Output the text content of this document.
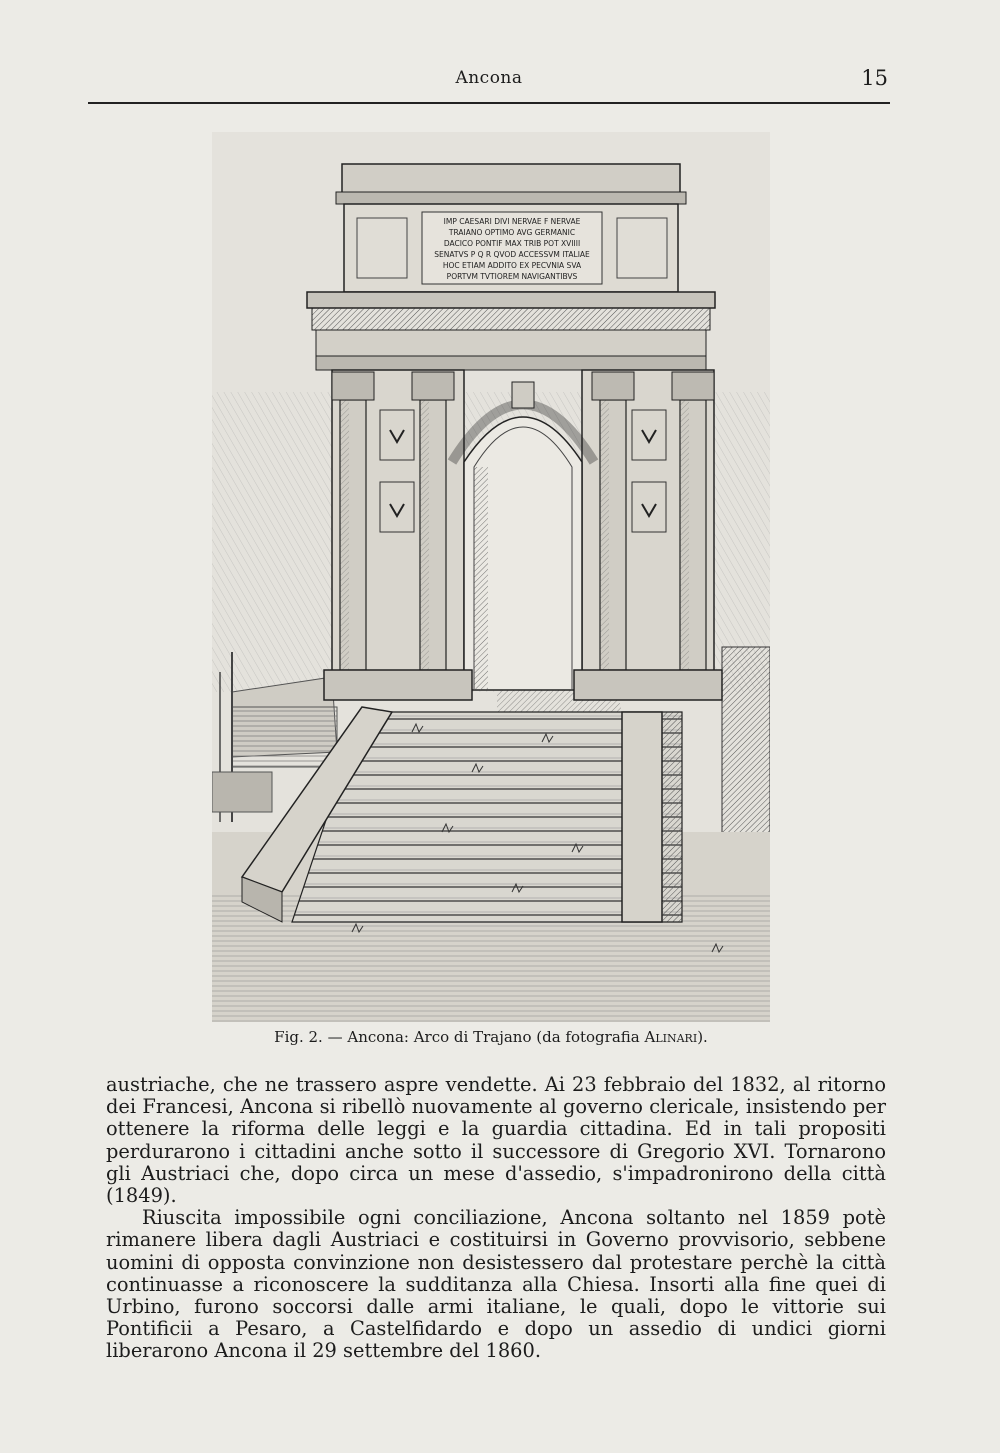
Ancona	15
IMP CAESARI DIVI NERVAE F NERVAE
TRAIANO OPTIMO AVG GERMANIC
DACICO PONTIF MAX TRIB POT XVIIII
SENATVS P Q R QVOD ACCESSVM ITALIAE
HOC ETIAM ADDITO EX PECVNIA SVA
PORTVM TVTIOREM NAVIGANTIBVS
Fig. 2. — Ancona: Arco di Trajano (da fotografia Alinari).

austriache, che ne trassero aspre vendette. Ai 23 febbraio del 1832, al ritorno dei Francesi, Ancona si ribellò nuovamente al governo clericale, insistendo per ottenere la riforma delle leggi e la guardia cittadina. Ed in tali propositi perdurarono i cittadini anche sotto il successore di Gregorio XVI. Tornarono gli Austriaci che, dopo circa un mese d'assedio, s'impadronirono della città (1849).

Riuscita impossibile ogni conciliazione, Ancona soltanto nel 1859 potè rimanere libera dagli Austriaci e costituirsi in Governo provvisorio, sebbene uomini di opposta convinzione non desistessero dal protestare perchè la città continuasse a riconoscere la sudditanza alla Chiesa. Insorti alla fine quei di Urbino, furono soccorsi dalle armi italiane, le quali, dopo le vittorie sui Pontificii a Pesaro, a Castelfidardo e dopo un assedio di undici giorni liberarono Ancona il 29 settembre del 1860.
